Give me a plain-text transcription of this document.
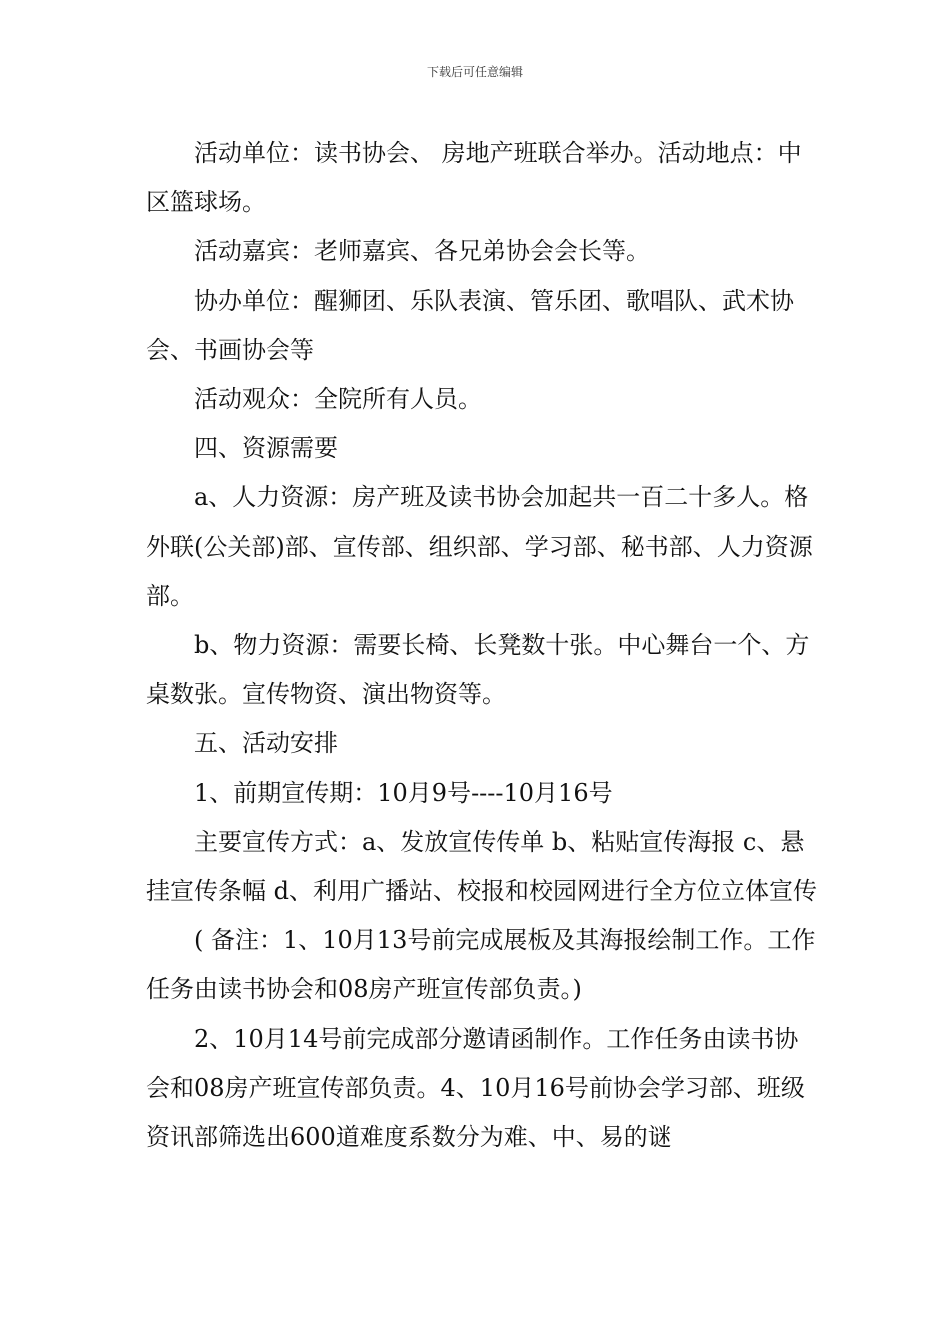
下载后可任意编辑

活动单位：读书协会、 房地产班联合举办。活动地点：中区篮球场。

活动嘉宾：老师嘉宾、各兄弟协会会长等。

协办单位：醒狮团、乐队表演、管乐团、歌唱队、武术协会、书画协会等

活动观众：全院所有人员。

四、资源需要

a、人力资源：房产班及读书协会加起共一百二十多人。格外联(公关部)部、宣传部、组织部、学习部、秘书部、人力资源部。

b、物力资源：需要长椅、长凳数十张。中心舞台一个、方桌数张。宣传物资、演出物资等。

五、活动安排

1、前期宣传期：10月9号----10月16号

主要宣传方式：a、发放宣传传单 b、粘贴宣传海报 c、悬挂宣传条幅 d、利用广播站、校报和校园网进行全方位立体宣传

( 备注：1、10月13号前完成展板及其海报绘制工作。工作任务由读书协会和08房产班宣传部负责。)

2、10月14号前完成部分邀请函制作。工作任务由读书协会和08房产班宣传部负责。4、10月16号前协会学习部、班级资讯部筛选出600道难度系数分为难、中、易的谜
